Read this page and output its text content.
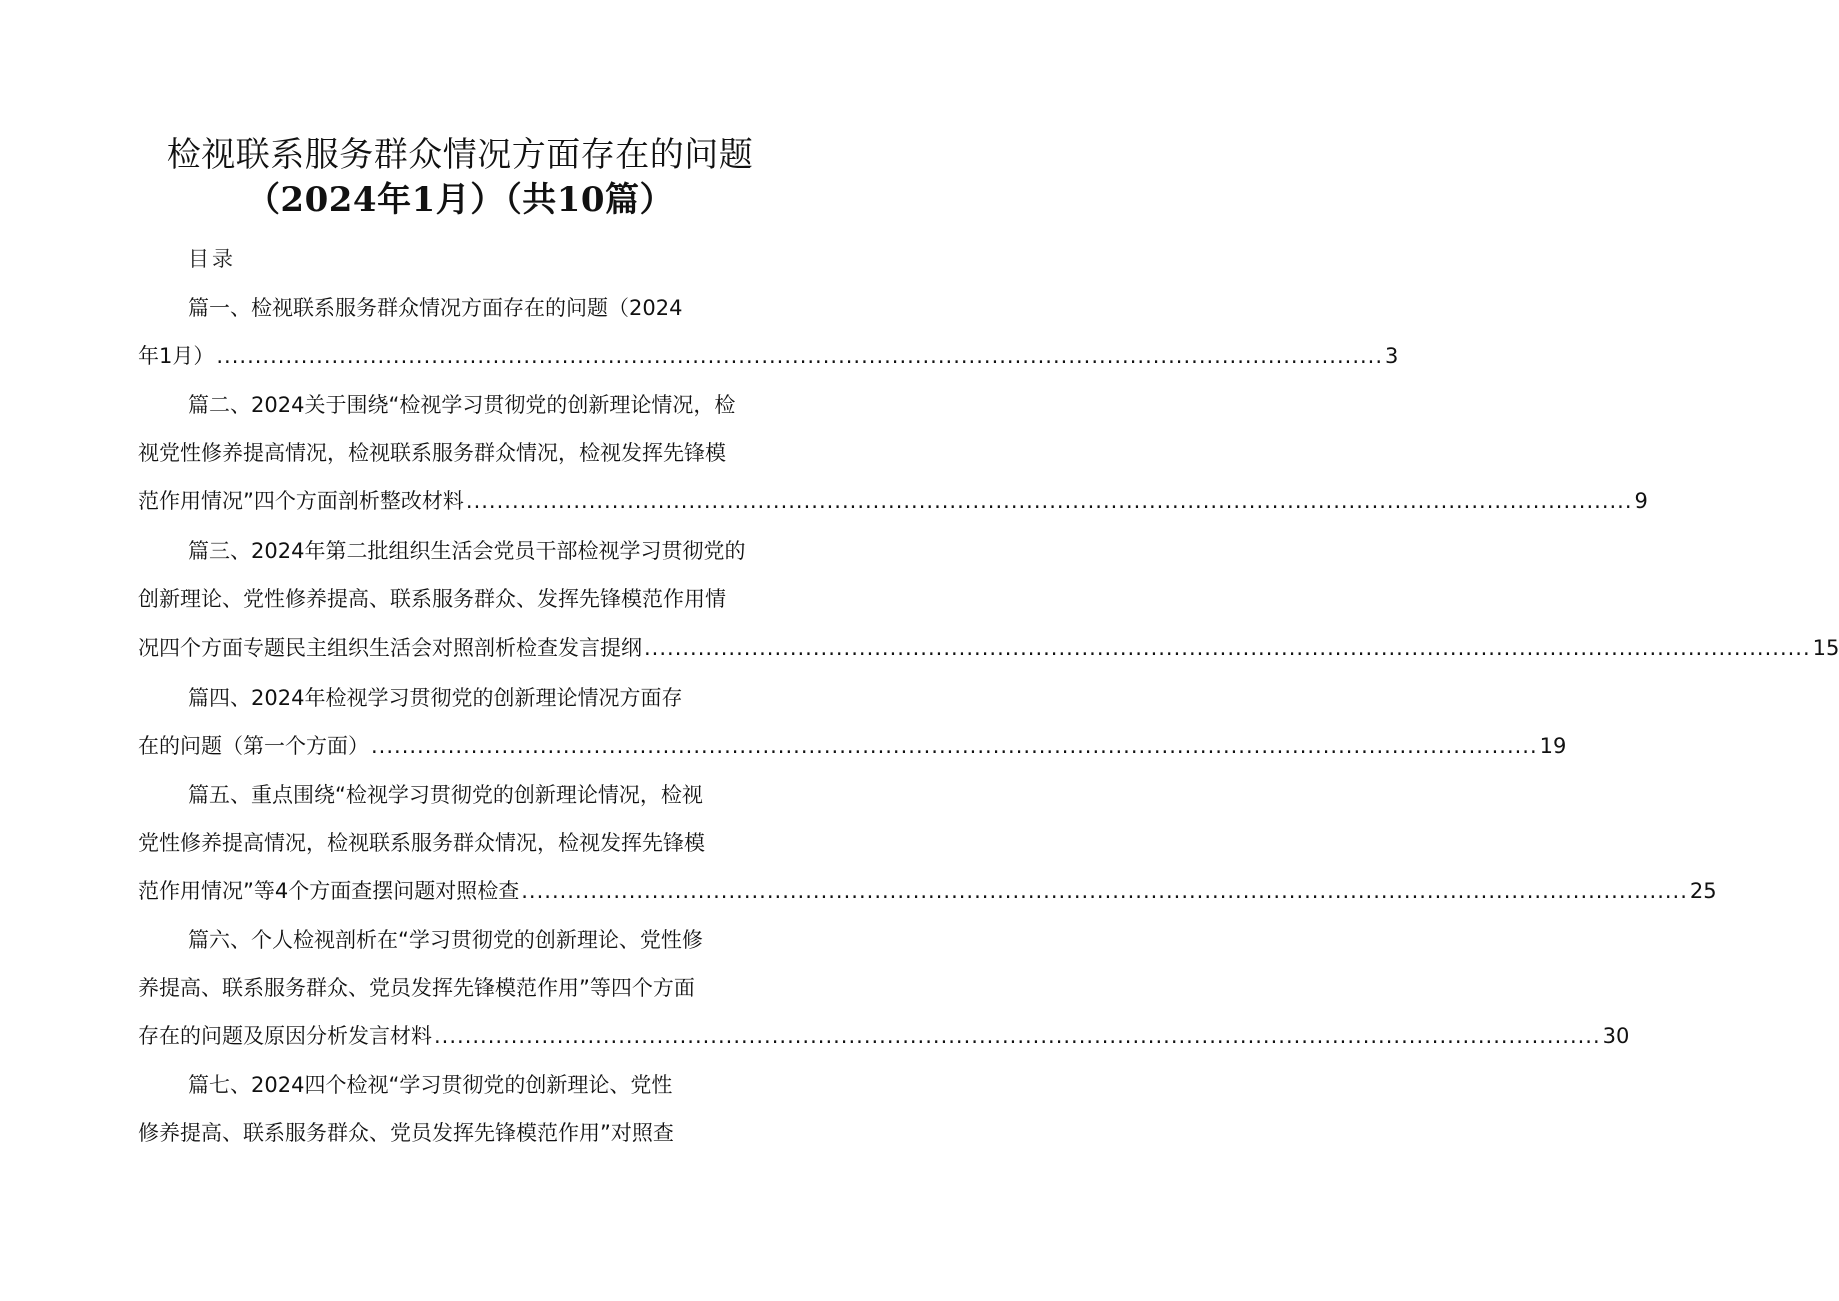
检视联系服务群众情况方面存在的问题
（2024年1月）（共10篇）
目录
篇一、检视联系服务群众情况方面存在的问题（2024
年1月） ........................................................................................................................................................ 3
篇二、2024关于围绕“检视学习贯彻党的创新理论情况，检
视党性修养提高情况，检视联系服务群众情况，检视发挥先锋模
范作用情况”四个方面剖析整改材料 ........................................................................................................................................................ 9
篇三、2024年第二批组织生活会党员干部检视学习贯彻党的
创新理论、党性修养提高、联系服务群众、发挥先锋模范作用情
况四个方面专题民主组织生活会对照剖析检查发言提纲 ........................................................................................................................................................ 15
篇四、2024年检视学习贯彻党的创新理论情况方面存
在的问题（第一个方面） ........................................................................................................................................................ 19
篇五、重点围绕“检视学习贯彻党的创新理论情况，检视
党性修养提高情况，检视联系服务群众情况，检视发挥先锋模
范作用情况”等4个方面查摆问题对照检查 ........................................................................................................................................................ 25
篇六、个人检视剖析在“学习贯彻党的创新理论、党性修
养提高、联系服务群众、党员发挥先锋模范作用”等四个方面
存在的问题及原因分析发言材料 ........................................................................................................................................................ 30
篇七、2024四个检视“学习贯彻党的创新理论、党性
修养提高、联系服务群众、党员发挥先锋模范作用”对照查
